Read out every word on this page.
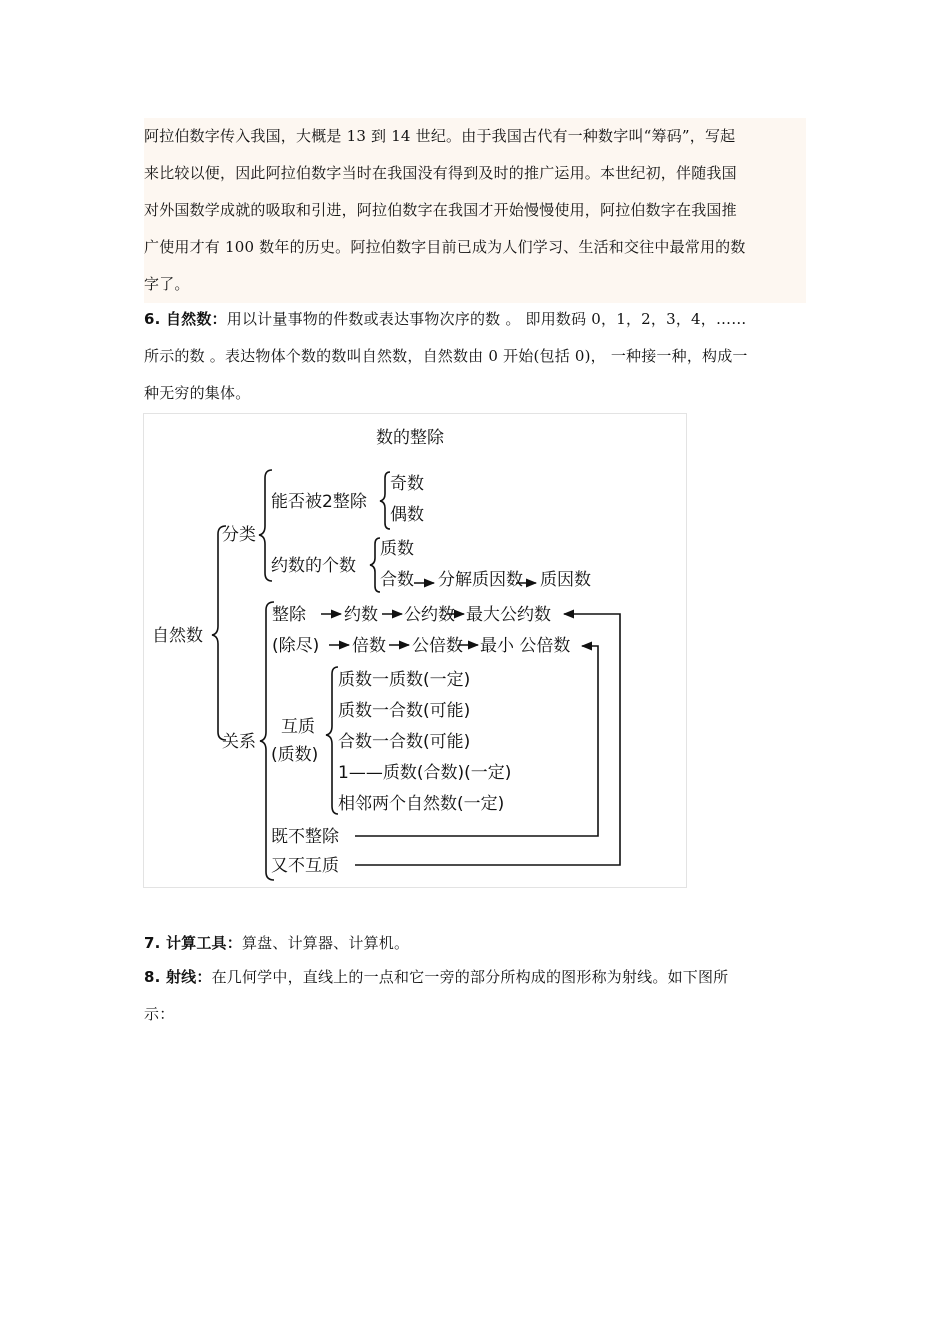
阿拉伯数字传入我国，大概是 13 到 14 世纪。由于我国古代有一种数字叫“筹码”，写起
来比较以便，因此阿拉伯数字当时在我国没有得到及时的推广运用。本世纪初，伴随我国
对外国数学成就的吸取和引进，阿拉伯数字在我国才开始慢慢使用，阿拉伯数字在我国推
广使用才有 100 数年的历史。阿拉伯数字目前已成为人们学习、生活和交往中最常用的数
字了。
6. 自然数：用以计量事物的件数或表达事物次序的数 。 即用数码 0，1，2，3，4，……
所示的数 。表达物体个数的数叫自然数，自然数由 0 开始(包括 0)， 一种接一种，构成一
种无穷的集体。
数的整除
自然数
分类
关系
能否被2整除
奇数
偶数
约数的个数
质数
合数 分解质因数 质因数
整除 约数 公约数 最大公约数
(除尽) 倍数 公倍数 最小 公倍数
互质
(质数)
质数一质数(一定)
质数一合数(可能)
合数一合数(可能)
1——质数(合数)(一定)
相邻两个自然数(一定)
既不整除
又不互质
7. 计算工具：算盘、计算器、计算机。
8. 射线：在几何学中，直线上的一点和它一旁的部分所构成的图形称为射线。如下图所
示：
